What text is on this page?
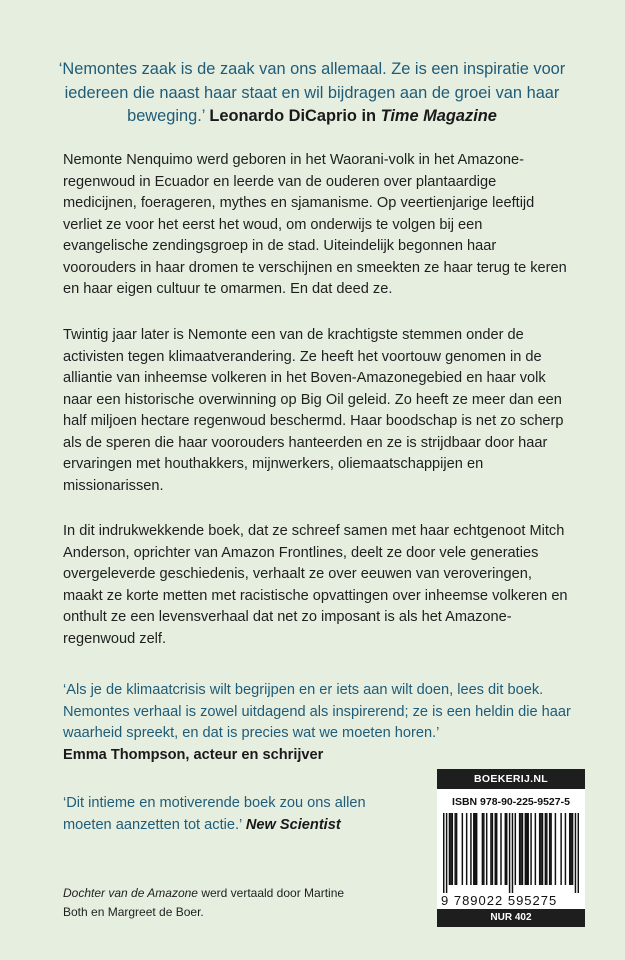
‘Nemontes zaak is de zaak van ons allemaal. Ze is een inspiratie voor iedereen die naast haar staat en wil bijdragen aan de groei van haar beweging.’ Leonardo DiCaprio in Time Magazine

Nemonte Nenquimo werd geboren in het Waorani-volk in het Amazone-regenwoud in Ecuador en leerde van de ouderen over plantaardige medicijnen, foerageren, mythes en sjamanisme. Op veertienjarige leeftijd verliet ze voor het eerst het woud, om onderwijs te volgen bij een evangelische zendingsgroep in de stad. Uiteindelijk begonnen haar voorouders in haar dromen te verschijnen en smeekten ze haar terug te keren en haar eigen cultuur te omarmen. En dat deed ze.

Twintig jaar later is Nemonte een van de krachtigste stemmen onder de activisten tegen klimaatverandering. Ze heeft het voortouw genomen in de alliantie van inheemse volkeren in het Boven-Amazonegebied en haar volk naar een historische overwinning op Big Oil geleid. Zo heeft ze meer dan een half miljoen hectare regenwoud beschermd. Haar boodschap is net zo scherp als de speren die haar voorouders hanteerden en ze is strijdbaar door haar ervaringen met houthakkers, mijnwerkers, oliemaatschappijen en missionarissen.

In dit indrukwekkende boek, dat ze schreef samen met haar echtgenoot Mitch Anderson, oprichter van Amazon Frontlines, deelt ze door vele generaties overgeleverde geschiedenis, verhaalt ze over eeuwen van veroveringen, maakt ze korte metten met racistische opvattingen over inheemse volkeren en onthult ze een levensverhaal dat net zo imposant is als het Amazone-regenwoud zelf.

‘Als je de klimaatcrisis wilt begrijpen en er iets aan wilt doen, lees dit boek. Nemontes verhaal is zowel uitdagend als inspirerend; ze is een heldin die haar waarheid spreekt, en dat is precies wat we moeten horen.’
Emma Thompson, acteur en schrijver
‘Dit intieme en motiverende boek zou ons allen moeten aanzetten tot actie.’ New Scientist
Dochter van de Amazone werd vertaald door Martine Both en Margreet de Boer.
BOEKERIJ.NL
ISBN 978-90-225-9527-5
9 789022 595275
NUR 402
